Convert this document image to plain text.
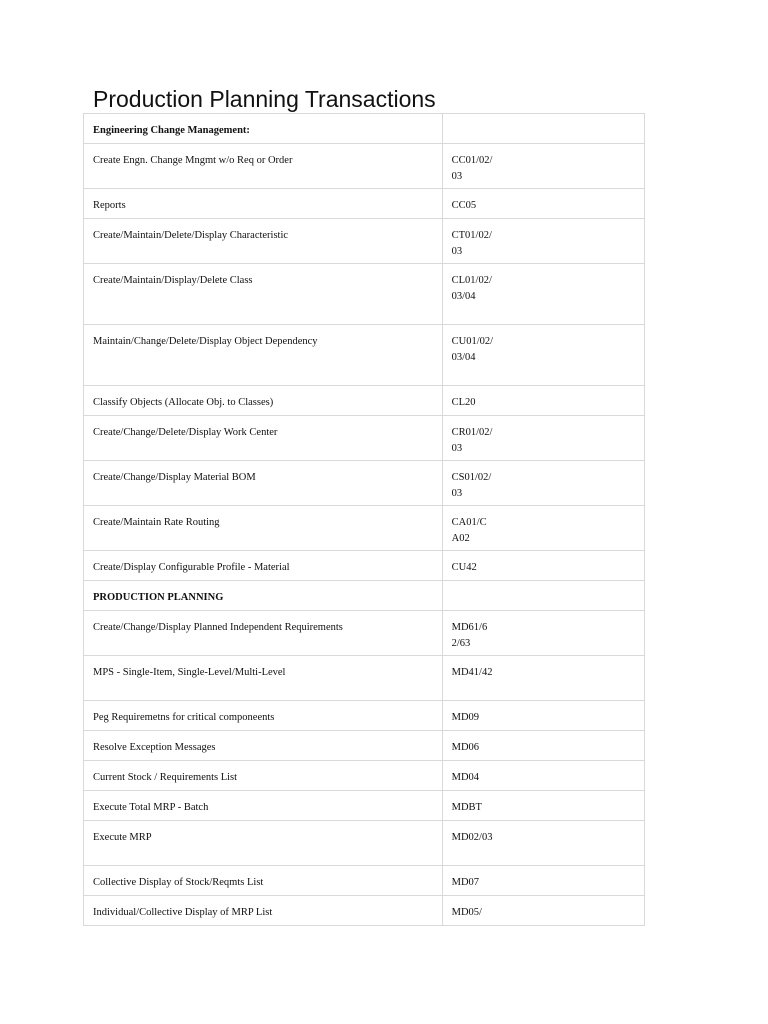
Production Planning Transactions
Engineering Change Management:	
Create Engn. Change Mngmt w/o Req or Order	CC01/02/03
Reports	CC05
Create/Maintain/Delete/Display Characteristic	CT01/02/03
Create/Maintain/Display/Delete Class	CL01/02/03/04
Maintain/Change/Delete/Display Object Dependency	CU01/02/03/04
Classify Objects (Allocate Obj. to Classes)	CL20
Create/Change/Delete/Display Work Center	CR01/02/03
Create/Change/Display Material BOM	CS01/02/03
Create/Maintain Rate Routing	CA01/CA02
Create/Display Configurable Profile - Material	CU42
PRODUCTION PLANNING	
Create/Change/Display Planned Independent Requirements	MD61/62/63
MPS - Single-Item, Single-Level/Multi-Level	MD41/42
Peg Requiremetns for critical componeents	MD09
Resolve Exception Messages	MD06
Current Stock / Requirements List	MD04
Execute Total MRP - Batch	MDBT
Execute MRP	MD02/03
Collective Display of Stock/Reqmts List	MD07
Individual/Collective Display of MRP List	MD05/
